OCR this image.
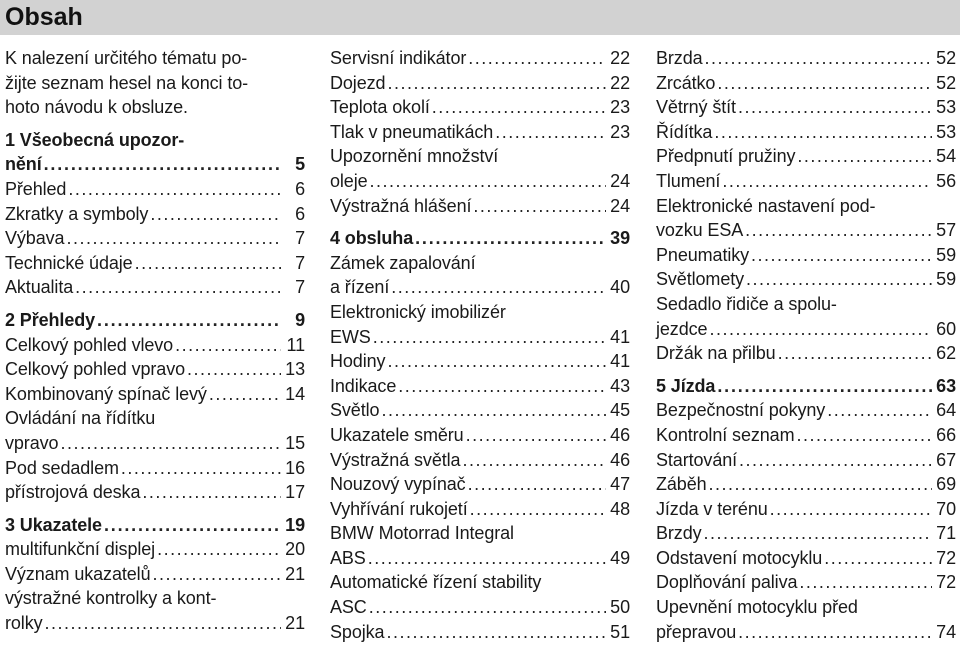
Obsah
K nalezení určitého tématu po-
žijte seznam hesel na konci to-
hoto návodu k obsluze.
1 Všeobecná upozor-
nění .....	5
Přehled .....	6
Zkratky a symboly .....	6
Výbava .....	7
Technické údaje .....	7
Aktualita .....	7
2 Přehledy .....	9
Celkový pohled vlevo .....	11
Celkový pohled vpravo .....	13
Kombinovaný spínač levý .....	14
Ovládání na řídítku
vpravo .....	15
Pod sedadlem .....	16
přístrojová deska .....	17
3 Ukazatele .....	19
multifunkční displej .....	20
Význam ukazatelů .....	21
výstražné kontrolky a kont-
rolky .....	21
Servisní indikátor .....	22
Dojezd .....	22
Teplota okolí .....	23
Tlak v pneumatikách .....	23
Upozornění množství
oleje .....	24
Výstražná hlášení .....	24
4 obsluha .....	39
Zámek zapalování
a řízení .....	40
Elektronický imobilizér
EWS .....	41
Hodiny .....	41
Indikace .....	43
Světlo .....	45
Ukazatele směru .....	46
Výstražná světla .....	46
Nouzový vypínač .....	47
Vyhřívání rukojetí .....	48
BMW Motorrad Integral
ABS .....	49
Automatické řízení stability
ASC .....	50
Spojka .....	51
Brzda .....	52
Zrcátko .....	52
Větrný štít .....	53
Řídítka .....	53
Předpnutí pružiny .....	54
Tlumení .....	56
Elektronické nastavení pod-
vozku ESA .....	57
Pneumatiky .....	59
Světlomety .....	59
Sedadlo řidiče a spolu-
jezdce .....	60
Držák na přilbu .....	62
5 Jízda .....	63
Bezpečnostní pokyny .....	64
Kontrolní seznam .....	66
Startování .....	67
Záběh .....	69
Jízda v terénu .....	70
Brzdy .....	71
Odstavení motocyklu .....	72
Doplňování paliva .....	72
Upevnění motocyklu před
přepravou .....	74
